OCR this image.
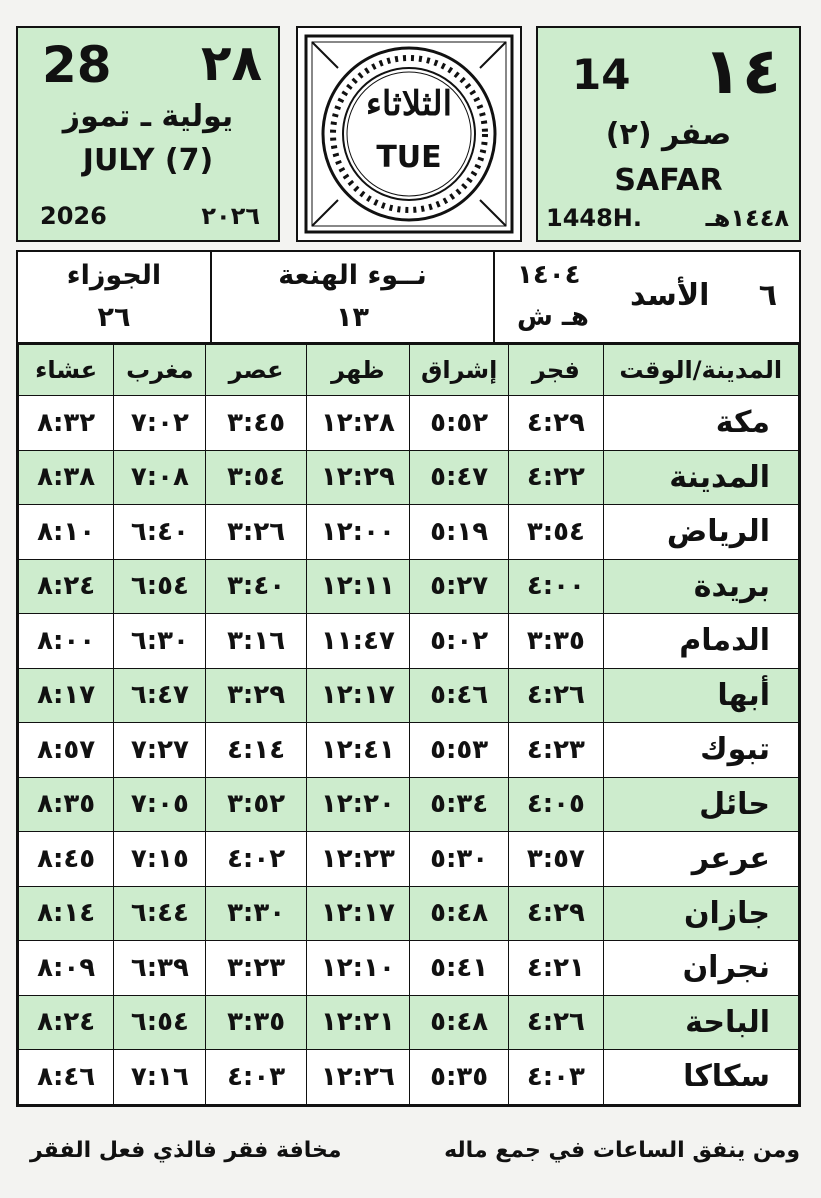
28 ٢٨
يولية ـ تموز
JULY (7)
2026	٢٠٢٦
الثلاثاء
TUE
14 ١٤
صفر (٢)
SAFAR
1448H.	١٤٤٨هـ
الجوزاء
٢٦
نــوء الهنعة
١٣
١٤٠٤
هـ ش
الأسد ٦
المدينة/الوقت	فجر	إشراق	ظهر	عصر	مغرب	عشاء
مكة	٤:٢٩	٥:٥٢	١٢:٢٨	٣:٤٥	٧:٠٢	٨:٣٢
المدينة	٤:٢٢	٥:٤٧	١٢:٢٩	٣:٥٤	٧:٠٨	٨:٣٨
الرياض	٣:٥٤	٥:١٩	١٢:٠٠	٣:٢٦	٦:٤٠	٨:١٠
بريدة	٤:٠٠	٥:٢٧	١٢:١١	٣:٤٠	٦:٥٤	٨:٢٤
الدمام	٣:٣٥	٥:٠٢	١١:٤٧	٣:١٦	٦:٣٠	٨:٠٠
أبها	٤:٢٦	٥:٤٦	١٢:١٧	٣:٢٩	٦:٤٧	٨:١٧
تبوك	٤:٢٣	٥:٥٣	١٢:٤١	٤:١٤	٧:٢٧	٨:٥٧
حائل	٤:٠٥	٥:٣٤	١٢:٢٠	٣:٥٢	٧:٠٥	٨:٣٥
عرعر	٣:٥٧	٥:٣٠	١٢:٢٣	٤:٠٢	٧:١٥	٨:٤٥
جازان	٤:٢٩	٥:٤٨	١٢:١٧	٣:٣٠	٦:٤٤	٨:١٤
نجران	٤:٢١	٥:٤١	١٢:١٠	٣:٢٣	٦:٣٩	٨:٠٩
الباحة	٤:٢٦	٥:٤٨	١٢:٢١	٣:٣٥	٦:٥٤	٨:٢٤
سكاكا	٤:٠٣	٥:٣٥	١٢:٢٦	٤:٠٣	٧:١٦	٨:٤٦
ومن ينفق الساعات في جمع ماله
مخافة فقر فالذي فعل الفقر
